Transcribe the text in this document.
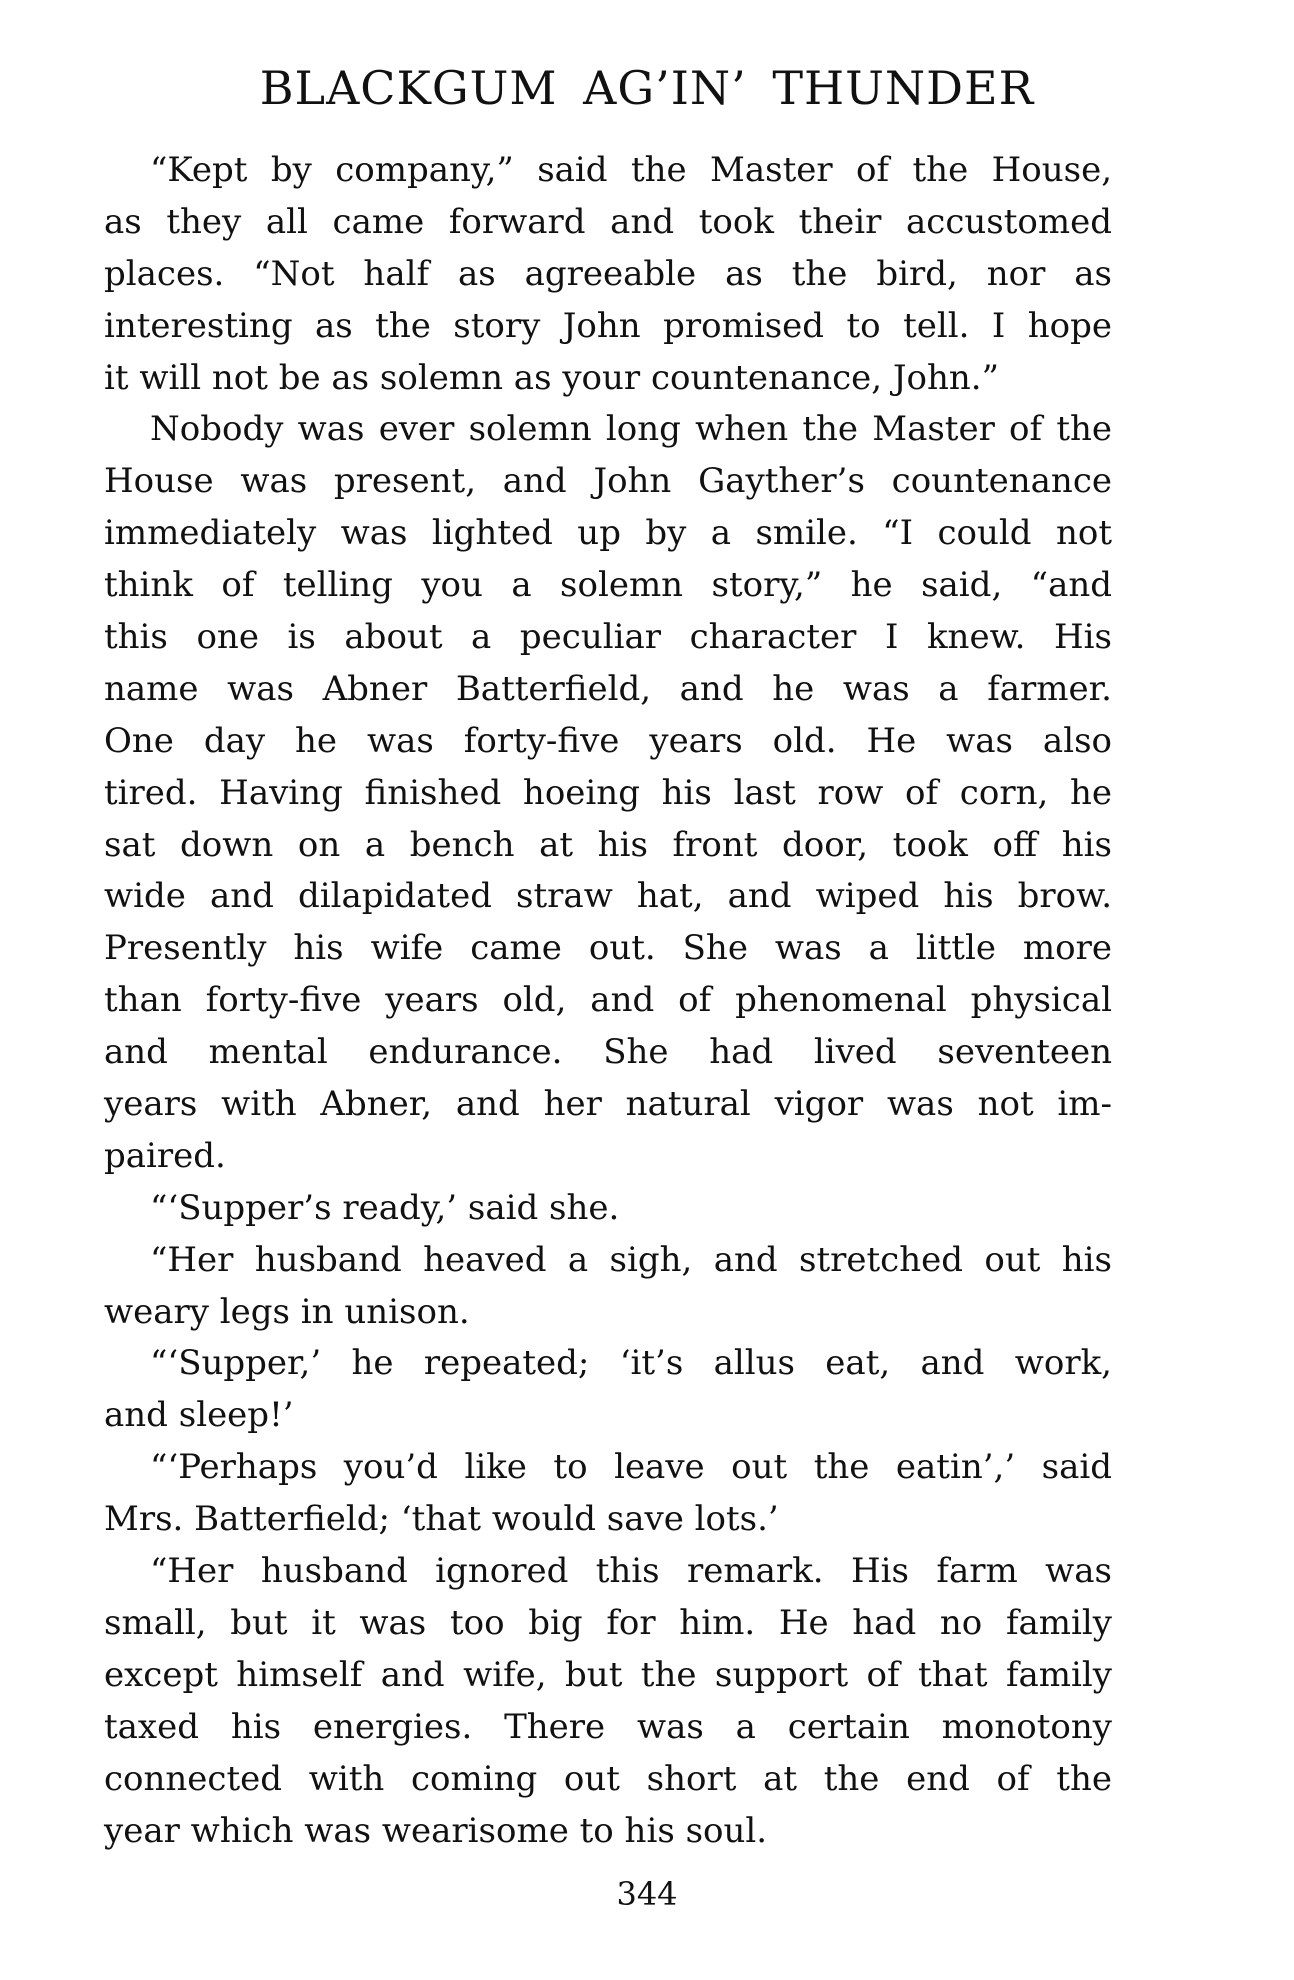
BLACKGUM AG’IN’ THUNDER
“Kept by company,” said the Master of the House,
as they all came forward and took their accustomed
places. “Not half as agreeable as the bird, nor as
interesting as the story John promised to tell. I hope
it will not be as solemn as your countenance, John.”
Nobody was ever solemn long when the Master of the
House was present, and John Gayther’s countenance
immediately was lighted up by a smile. “I could not
think of telling you a solemn story,” he said, “and
this one is about a peculiar character I knew. His
name was Abner Batterfield, and he was a farmer.
One day he was forty-five years old. He was also
tired. Having finished hoeing his last row of corn, he
sat down on a bench at his front door, took off his
wide and dilapidated straw hat, and wiped his brow.
Presently his wife came out. She was a little more
than forty-five years old, and of phenomenal physical
and mental endurance. She had lived seventeen
years with Abner, and her natural vigor was not im-
paired.
“‘Supper’s ready,’ said she.
“Her husband heaved a sigh, and stretched out his
weary legs in unison.
“‘Supper,’ he repeated; ‘it’s allus eat, and work,
and sleep!’
“‘Perhaps you’d like to leave out the eatin’,’ said
Mrs. Batterfield; ‘that would save lots.’
“Her husband ignored this remark. His farm was
small, but it was too big for him. He had no family
except himself and wife, but the support of that family
taxed his energies. There was a certain monotony
connected with coming out short at the end of the
year which was wearisome to his soul.
344
